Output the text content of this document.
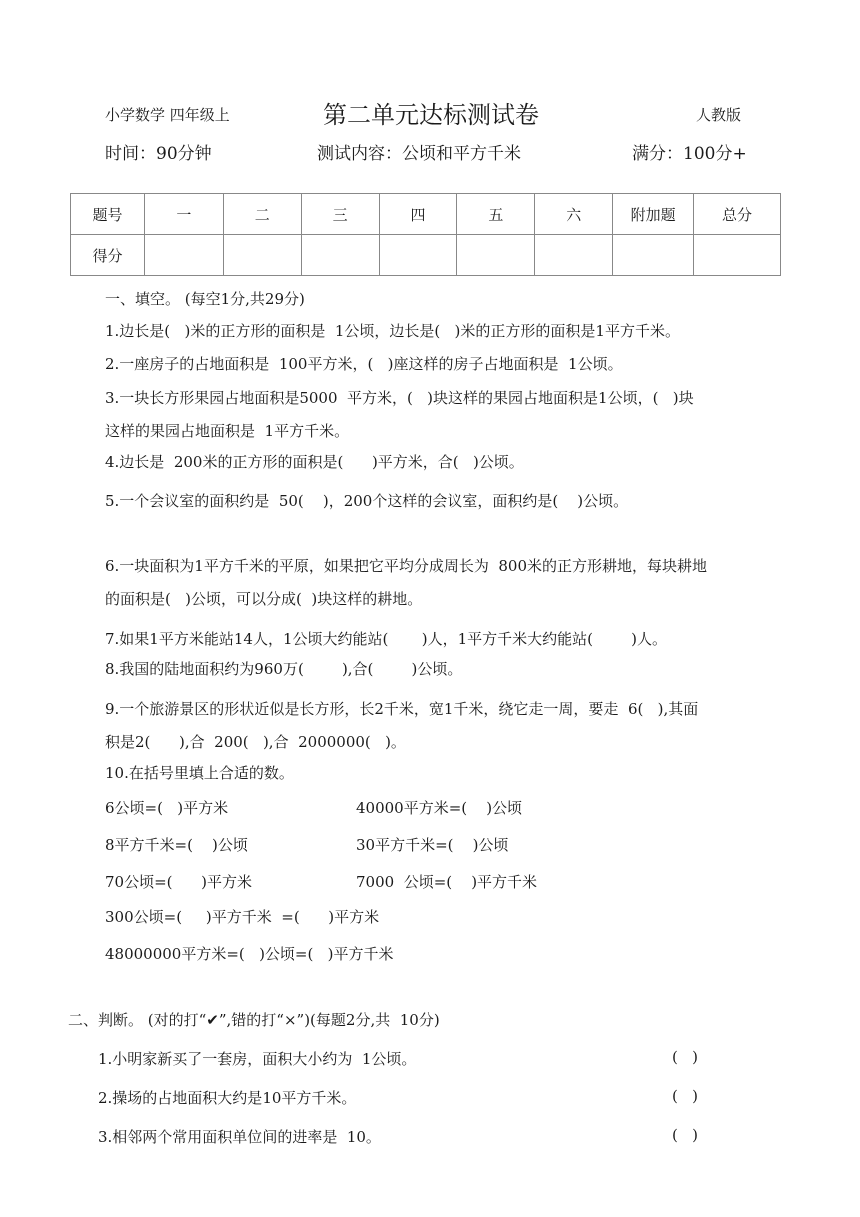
小学数学 四年级上	第二单元达标测试卷	人教版
时间：90分钟	测试内容：公顷和平方千米	满分：100分+
题号	一	二	三	四	五	六	附加题	总分
得分								
一、填空。 (每空1分,共29分)
1.边长是(   )米的正方形的面积是  1公顷，边长是(   )米的正方形的面积是1平方千米。
2.一座房子的占地面积是  100平方米，(   )座这样的房子占地面积是  1公顷。
3.一块长方形果园占地面积是5000  平方米，(   )块这样的果园占地面积是1公顷，(   )块
这样的果园占地面积是  1平方千米。
4.边长是  200米的正方形的面积是(      )平方米，合(   )公顷。
5.一个会议室的面积约是  50(    )，200个这样的会议室，面积约是(    )公顷。
6.一块面积为1平方千米的平原，如果把它平均分成周长为  800米的正方形耕地，每块耕地
的面积是(   )公顷，可以分成(  )块这样的耕地。
7.如果1平方米能站14人，1公顷大约能站(       )人，1平方千米大约能站(        )人。
8.我国的陆地面积约为960万(        ),合(        )公顷。
9.一个旅游景区的形状近似是长方形，长2千米，宽1千米，绕它走一周，要走  6(   ),其面
积是2(      ),合  200(   ),合  2000000(   )。
10.在括号里填上合适的数。
6公顷=(   )平方米	40000平方米=(    )公顷
8平方千米=(    )公顷	30平方千米=(    )公顷
70公顷=(      )平方米	7000  公顷=(    )平方千米
300公顷=(     )平方千米  =(      )平方米
48000000平方米=(   )公顷=(   )平方千米
二、判断。 (对的打“✔”,错的打“×”)(每题2分,共  10分)
1.小明家新买了一套房，面积大小约为  1公顷。	(   )
2.操场的占地面积大约是10平方千米。	(   )
3.相邻两个常用面积单位间的进率是  10。	(   )
